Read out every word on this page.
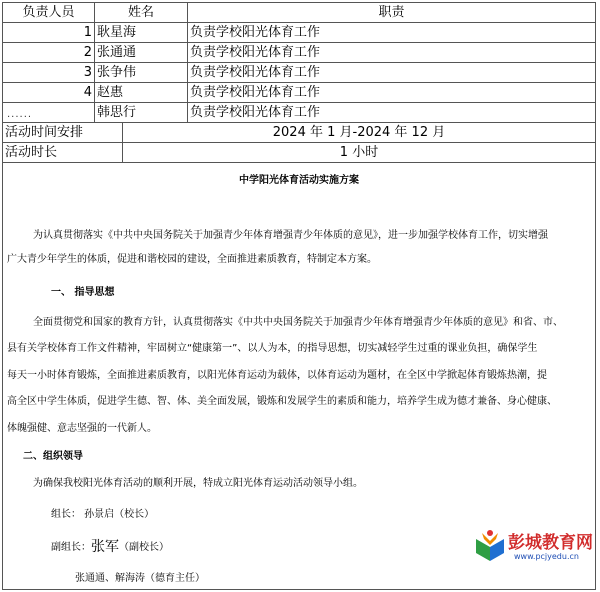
负责人员	姓名	职责
1 耿星海	负责学校阳光体育工作
2 张通通	负责学校阳光体育工作
3 张争伟	负责学校阳光体育工作
4 赵惠	负责学校阳光体育工作
......	韩思行	负责学校阳光体育工作
活动时间安排	2024 年 1 月-2024 年 12 月
活动时长	1 小时
中学阳光体育活动实施方案
为认真贯彻落实《中共中央国务院关于加强青少年体育增强青少年体质的意见》，进一步加强学校体育工作，切实增强
广大青少年学生的体质，促进和谐校园的建设，全面推进素质教育，特制定本方案。
一、 指导思想
全面贯彻党和国家的教育方针，认真贯彻落实《中共中央国务院关于加强青少年体育增强青少年体质的意见》和省、市、
县有关学校体育工作文件精神，牢固树立“健康第一”、以人为本，的指导思想，切实减轻学生过重的课业负担，确保学生
每天一小时体育锻炼，全面推进素质教育，以阳光体育运动为载体，以体育运动为题材，在全区中学掀起体育锻炼热潮，提
高全区中学生体质，促进学生德、智、体、美全面发展，锻炼和发展学生的素质和能力，培养学生成为德才兼备、身心健康、
体魄强健、意志坚强的一代新人。
二、组织领导
为确保我校阳光体育活动的顺利开展，特成立阳光体育运动活动领导小组。
组长： 孙景启（校长）
副组长：张军（副校长）
张通通、解海涛（德育主任）
彭城教育网
www.pcjyedu.cn
